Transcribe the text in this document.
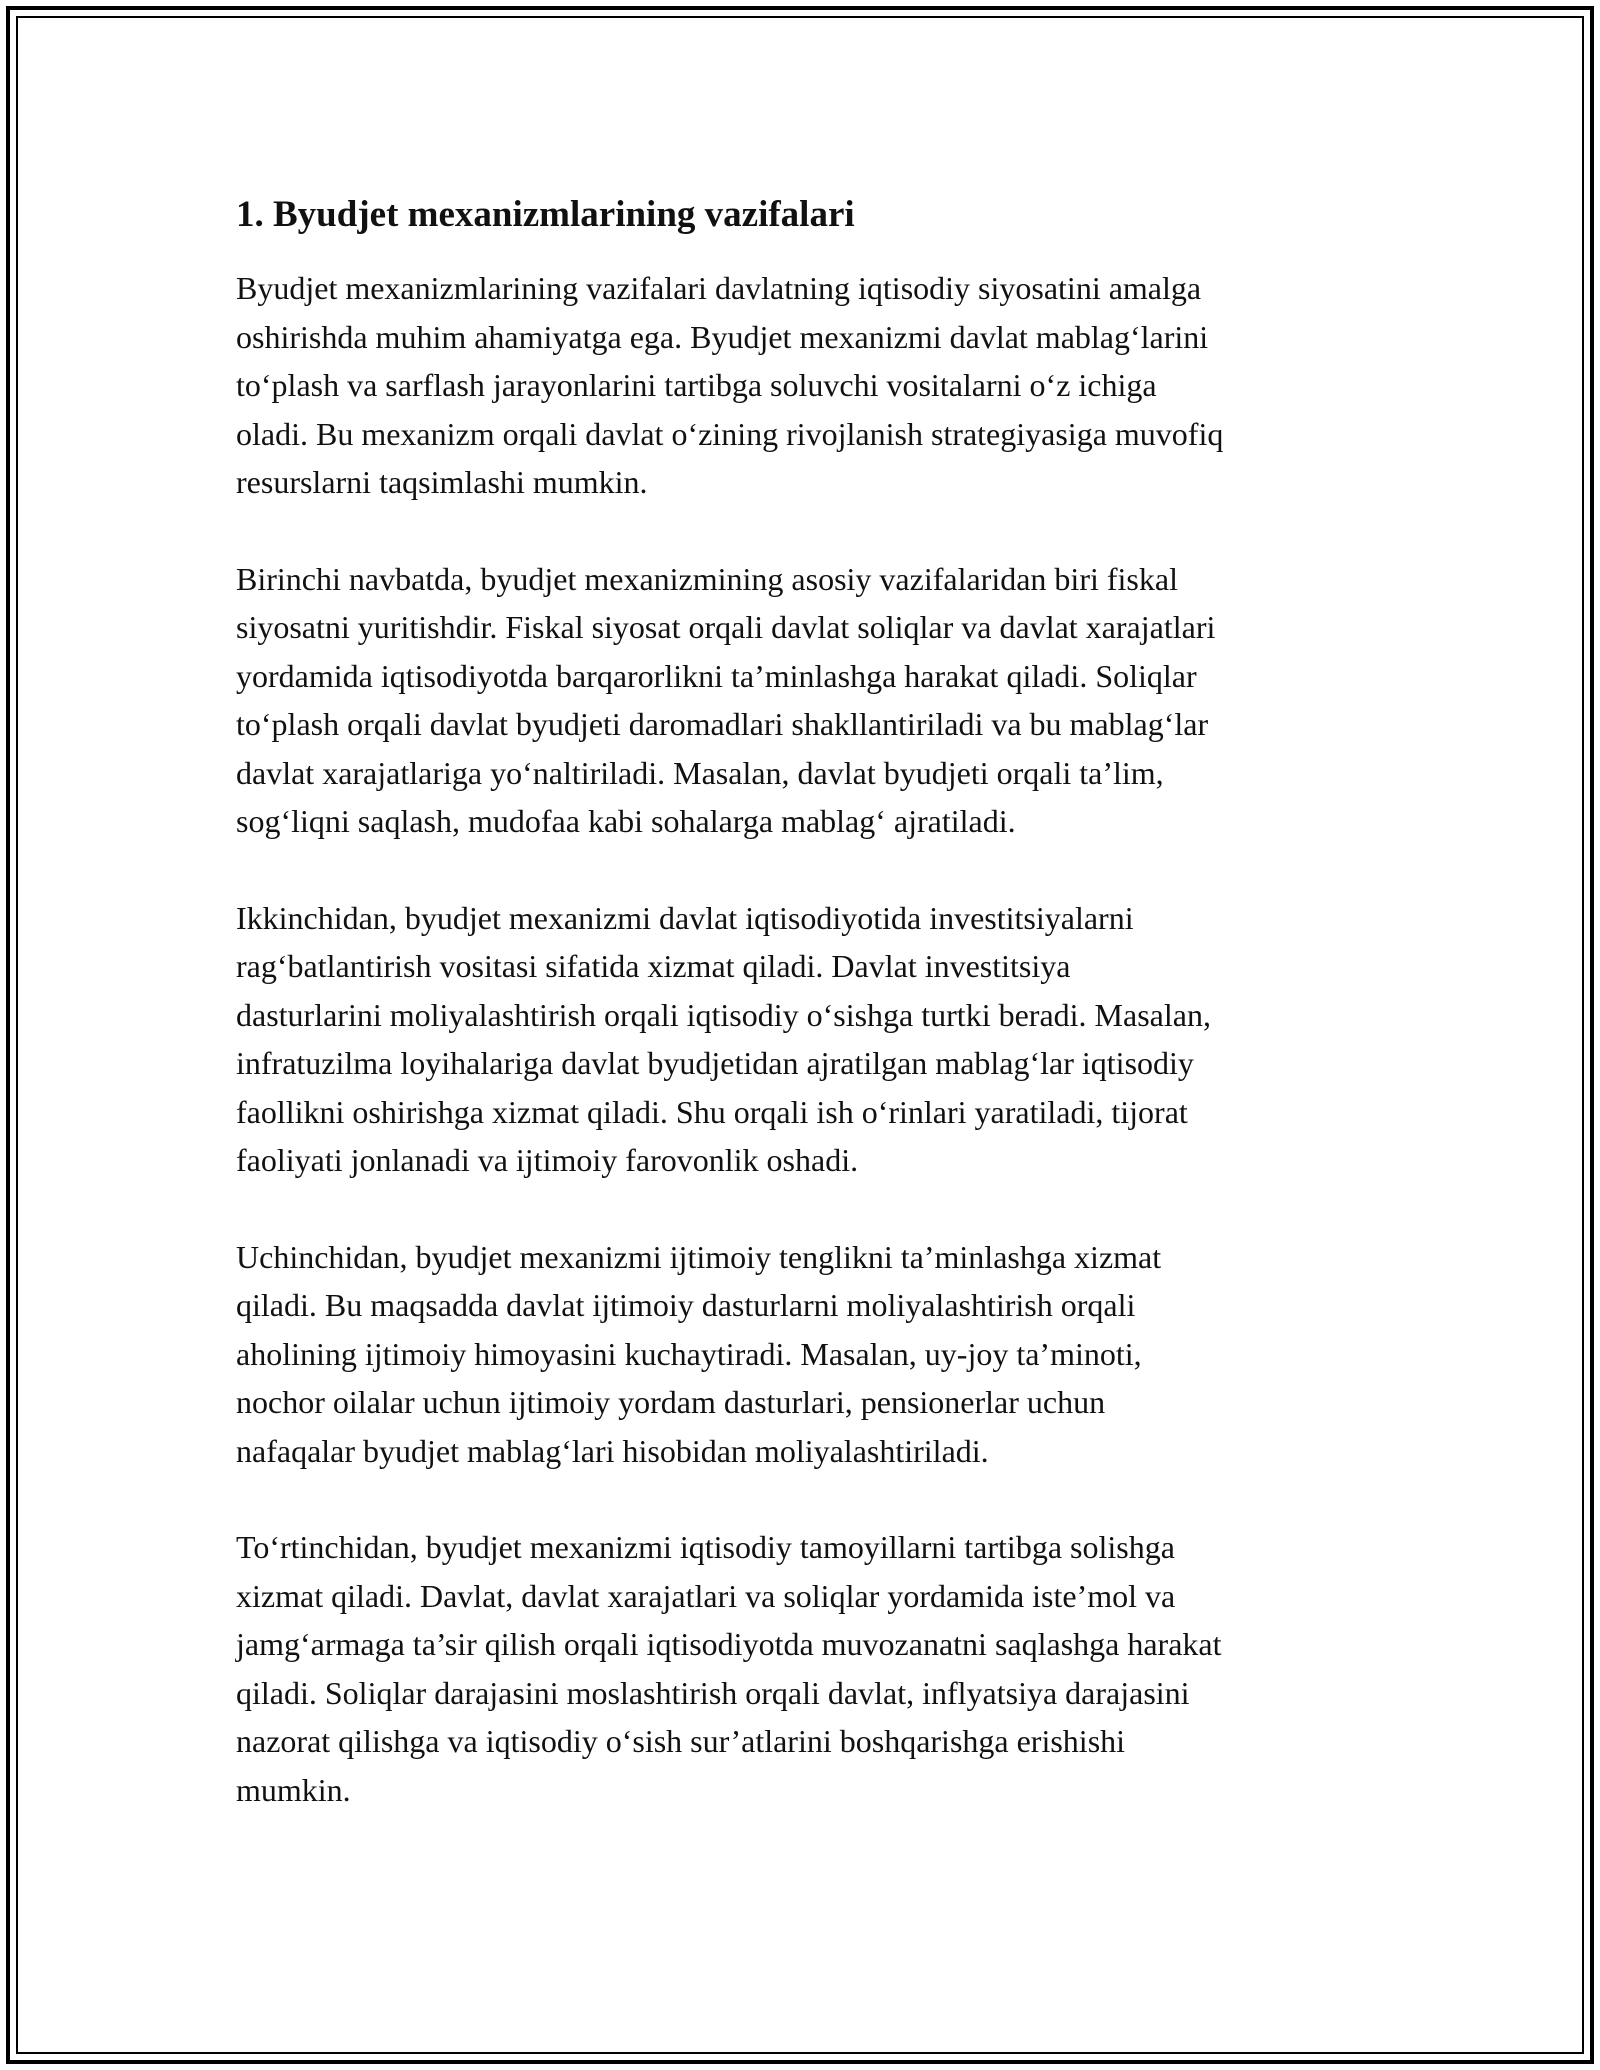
1. Byudjet mexanizmlarining vazifalari

Byudjet mexanizmlarining vazifalari davlatning iqtisodiy siyosatini amalga
oshirishda muhim ahamiyatga ega. Byudjet mexanizmi davlat mablag‘larini
to‘plash va sarflash jarayonlarini tartibga soluvchi vositalarni o‘z ichiga
oladi. Bu mexanizm orqali davlat o‘zining rivojlanish strategiyasiga muvofiq
resurslarni taqsimlashi mumkin.

Birinchi navbatda, byudjet mexanizmining asosiy vazifalaridan biri fiskal
siyosatni yuritishdir. Fiskal siyosat orqali davlat soliqlar va davlat xarajatlari
yordamida iqtisodiyotda barqarorlikni ta’minlashga harakat qiladi. Soliqlar
to‘plash orqali davlat byudjeti daromadlari shakllantiriladi va bu mablag‘lar
davlat xarajatlariga yo‘naltiriladi. Masalan, davlat byudjeti orqali ta’lim,
sog‘liqni saqlash, mudofaa kabi sohalarga mablag‘ ajratiladi.

Ikkinchidan, byudjet mexanizmi davlat iqtisodiyotida investitsiyalarni
rag‘batlantirish vositasi sifatida xizmat qiladi. Davlat investitsiya
dasturlarini moliyalashtirish orqali iqtisodiy o‘sishga turtki beradi. Masalan,
infratuzilma loyihalariga davlat byudjetidan ajratilgan mablag‘lar iqtisodiy
faollikni oshirishga xizmat qiladi. Shu orqali ish o‘rinlari yaratiladi, tijorat
faoliyati jonlanadi va ijtimoiy farovonlik oshadi.

Uchinchidan, byudjet mexanizmi ijtimoiy tenglikni ta’minlashga xizmat
qiladi. Bu maqsadda davlat ijtimoiy dasturlarni moliyalashtirish orqali
aholining ijtimoiy himoyasini kuchaytiradi. Masalan, uy-joy ta’minoti,
nochor oilalar uchun ijtimoiy yordam dasturlari, pensionerlar uchun
nafaqalar byudjet mablag‘lari hisobidan moliyalashtiriladi.

To‘rtinchidan, byudjet mexanizmi iqtisodiy tamoyillarni tartibga solishga
xizmat qiladi. Davlat, davlat xarajatlari va soliqlar yordamida iste’mol va
jamg‘armaga ta’sir qilish orqali iqtisodiyotda muvozanatni saqlashga harakat
qiladi. Soliqlar darajasini moslashtirish orqali davlat, inflyatsiya darajasini
nazorat qilishga va iqtisodiy o‘sish sur’atlarini boshqarishga erishishi
mumkin.
